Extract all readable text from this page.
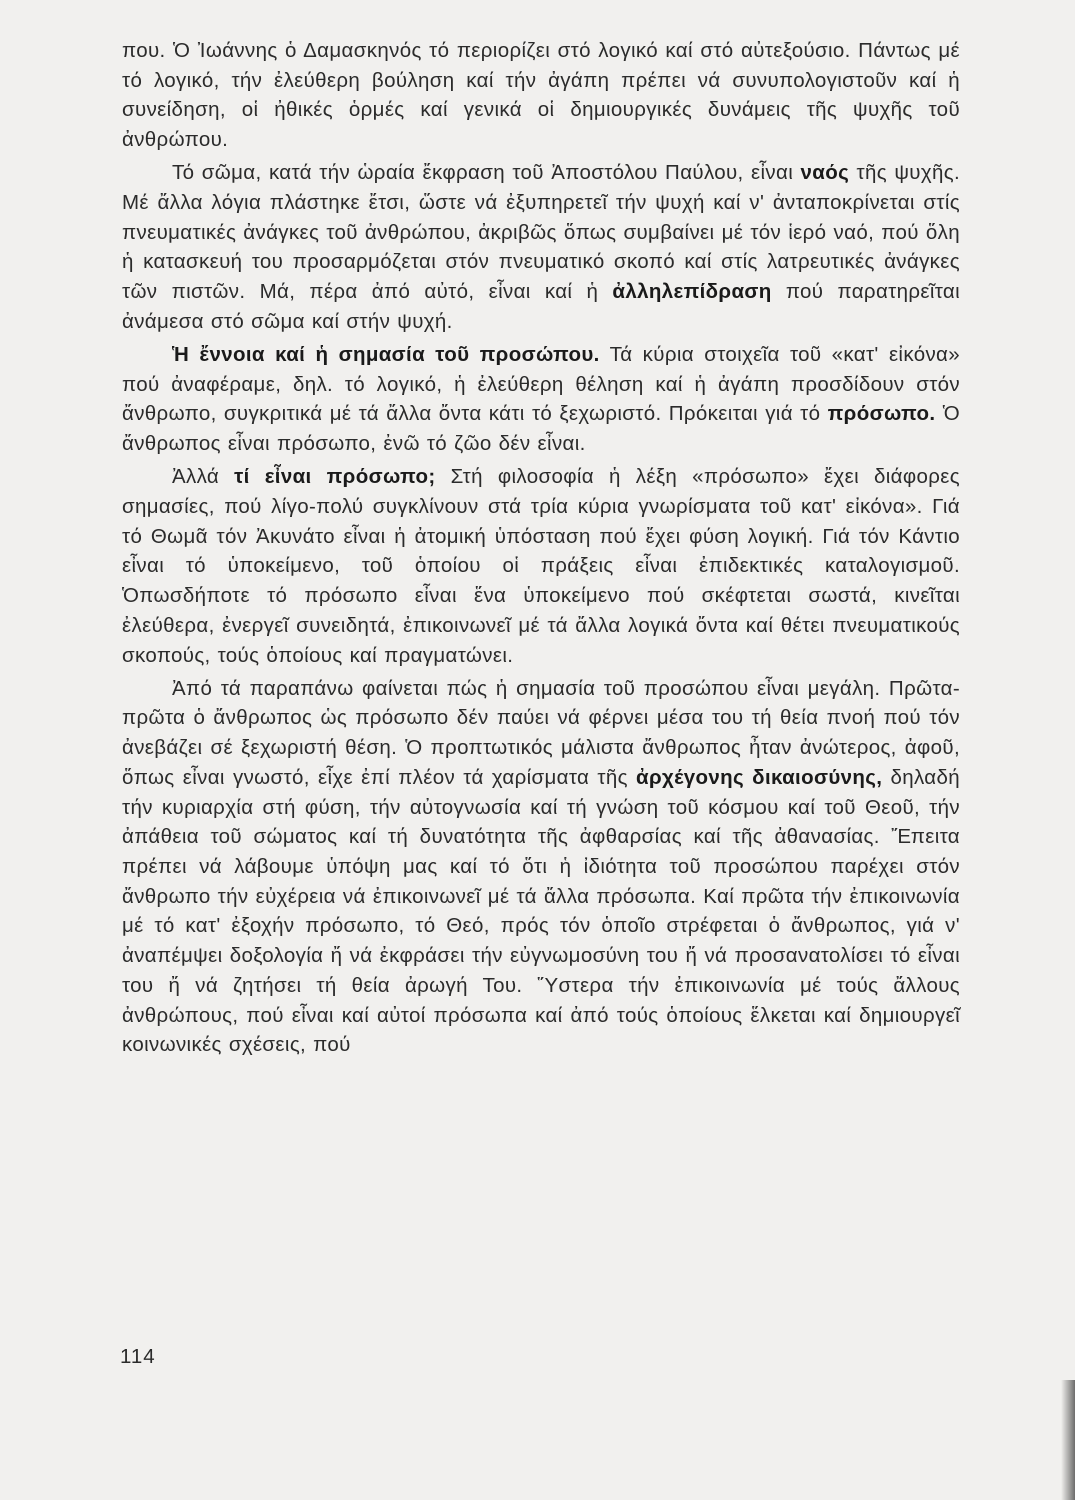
που. Ὁ Ἰωάννης ὁ Δαμασκηνός τό περιορίζει στό λογικό καί στό αὐτεξούσιο. Πάντως μέ τό λογικό, τήν ἐλεύθερη βούληση καί τήν ἀγάπη πρέπει νά συνυπολογιστοῦν καί ἡ συνείδηση, οἱ ἠθικές ὁρμές καί γενικά οἱ δημιουργικές δυνάμεις τῆς ψυχῆς τοῦ ἀνθρώπου.

Τό σῶμα, κατά τήν ὡραία ἔκφραση τοῦ Ἀποστόλου Παύλου, εἶναι ναός τῆς ψυχῆς. Μέ ἄλλα λόγια πλάστηκε ἔτσι, ὥστε νά ἐξυπηρετεῖ τήν ψυχή καί ν' ἀνταποκρίνεται στίς πνευματικές ἀνάγκες τοῦ ἀνθρώπου, ἀκριβῶς ὅπως συμβαίνει μέ τόν ἱερό ναό, πού ὅλη ἡ κατασκευή του προσαρμόζεται στόν πνευματικό σκοπό καί στίς λατρευτικές ἀνάγκες τῶν πιστῶν. Μά, πέρα ἀπό αὐτό, εἶναι καί ἡ ἀλληλεπίδραση πού παρατηρεῖται ἀνάμεσα στό σῶμα καί στήν ψυχή.

Ἡ ἔννοια καί ἡ σημασία τοῦ προσώπου. Τά κύρια στοιχεῖα τοῦ «κατ' εἰκόνα» πού ἀναφέραμε, δηλ. τό λογικό, ἡ ἐλεύθερη θέληση καί ἡ ἀγάπη προσδίδουν στόν ἄνθρωπο, συγκριτικά μέ τά ἄλλα ὄντα κάτι τό ξεχωριστό. Πρόκειται γιά τό πρόσωπο. Ὁ ἄνθρωπος εἶναι πρόσωπο, ἐνῶ τό ζῶο δέν εἶναι.

Ἀλλά τί εἶναι πρόσωπο; Στή φιλοσοφία ἡ λέξη «πρόσωπο» ἔχει διάφορες σημασίες, πού λίγο-πολύ συγκλίνουν στά τρία κύρια γνωρίσματα τοῦ κατ' εἰκόνα». Γιά τό Θωμᾶ τόν Ἀκυνάτο εἶναι ἡ ἀτομική ὑπόσταση πού ἔχει φύση λογική. Γιά τόν Κάντιο εἶναι τό ὑποκείμενο, τοῦ ὁποίου οἱ πράξεις εἶναι ἐπιδεκτικές καταλογισμοῦ. Ὁπωσδήποτε τό πρόσωπο εἶναι ἕνα ὑποκείμενο πού σκέφτεται σωστά, κινεῖται ἐλεύθερα, ἐνεργεῖ συνειδητά, ἐπικοινωνεῖ μέ τά ἄλλα λογικά ὄντα καί θέτει πνευματικούς σκοπούς, τούς ὁποίους καί πραγματώνει.

Ἀπό τά παραπάνω φαίνεται πώς ἡ σημασία τοῦ προσώπου εἶναι μεγάλη. Πρῶτα-πρῶτα ὁ ἄνθρωπος ὡς πρόσωπο δέν παύει νά φέρνει μέσα του τή θεία πνοή πού τόν ἀνεβάζει σέ ξεχωριστή θέση. Ὁ προπτωτικός μάλιστα ἄνθρωπος ἦταν ἀνώτερος, ἀφοῦ, ὅπως εἶναι γνωστό, εἶχε ἐπί πλέον τά χαρίσματα τῆς ἀρχέγονης δικαιοσύνης, δηλαδή τήν κυριαρχία στή φύση, τήν αὐτογνωσία καί τή γνώση τοῦ κόσμου καί τοῦ Θεοῦ, τήν ἀπάθεια τοῦ σώματος καί τή δυνατότητα τῆς ἀφθαρσίας καί τῆς ἀθανασίας. Ἔπειτα πρέπει νά λάβουμε ὑπόψη μας καί τό ὅτι ἡ ἰδιότητα τοῦ προσώπου παρέχει στόν ἄνθρωπο τήν εὐχέρεια νά ἐπικοινωνεῖ μέ τά ἄλλα πρόσωπα. Καί πρῶτα τήν ἐπικοινωνία μέ τό κατ' ἐξοχήν πρόσωπο, τό Θεό, πρός τόν ὁποῖο στρέφεται ὁ ἄνθρωπος, γιά ν' ἀναπέμψει δοξολογία ἤ νά ἐκφράσει τήν εὐγνωμοσύνη του ἤ νά προσανατολίσει τό εἶναι του ἤ νά ζητήσει τή θεία ἀρωγή Του. Ὕστερα τήν ἐπικοινωνία μέ τούς ἄλλους ἀνθρώπους, πού εἶναι καί αὐτοί πρόσωπα καί ἀπό τούς ὁποίους ἕλκεται καί δημιουργεῖ κοινωνικές σχέσεις, πού

114
